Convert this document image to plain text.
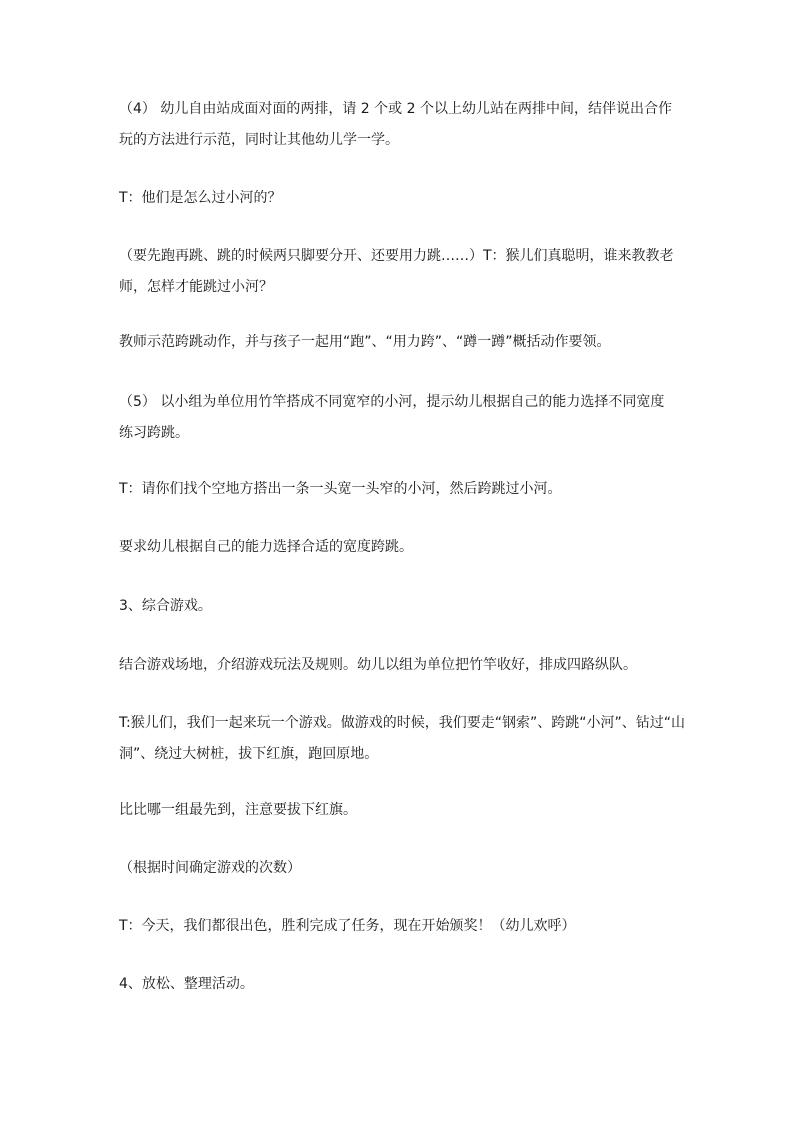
（4） 幼儿自由站成面对面的两排，请 2 个或 2 个以上幼儿站在两排中间，结伴说出合作
玩的方法进行示范，同时让其他幼儿学一学。

T：他们是怎么过小河的？

（要先跑再跳、跳的时候两只脚要分开、还要用力跳……）T：猴儿们真聪明，谁来教教老
师，怎样才能跳过小河？

教师示范跨跳动作，并与孩子一起用“跑”、“用力跨”、“蹲一蹲”概括动作要领。

（5） 以小组为单位用竹竿搭成不同宽窄的小河，提示幼儿根据自己的能力选择不同宽度
练习跨跳。

T：请你们找个空地方搭出一条一头宽一头窄的小河，然后跨跳过小河。

要求幼儿根据自己的能力选择合适的宽度跨跳。

3、综合游戏。

结合游戏场地，介绍游戏玩法及规则。幼儿以组为单位把竹竿收好，排成四路纵队。

T:猴儿们，我们一起来玩一个游戏。做游戏的时候，我们要走“钢索”、跨跳“小河”、钻过“山
洞”、绕过大树桩，拔下红旗，跑回原地。

比比哪一组最先到，注意要拔下红旗。

（根据时间确定游戏的次数）

T：今天，我们都很出色，胜利完成了任务，现在开始颁奖！（幼儿欢呼）

4、放松、整理活动。
